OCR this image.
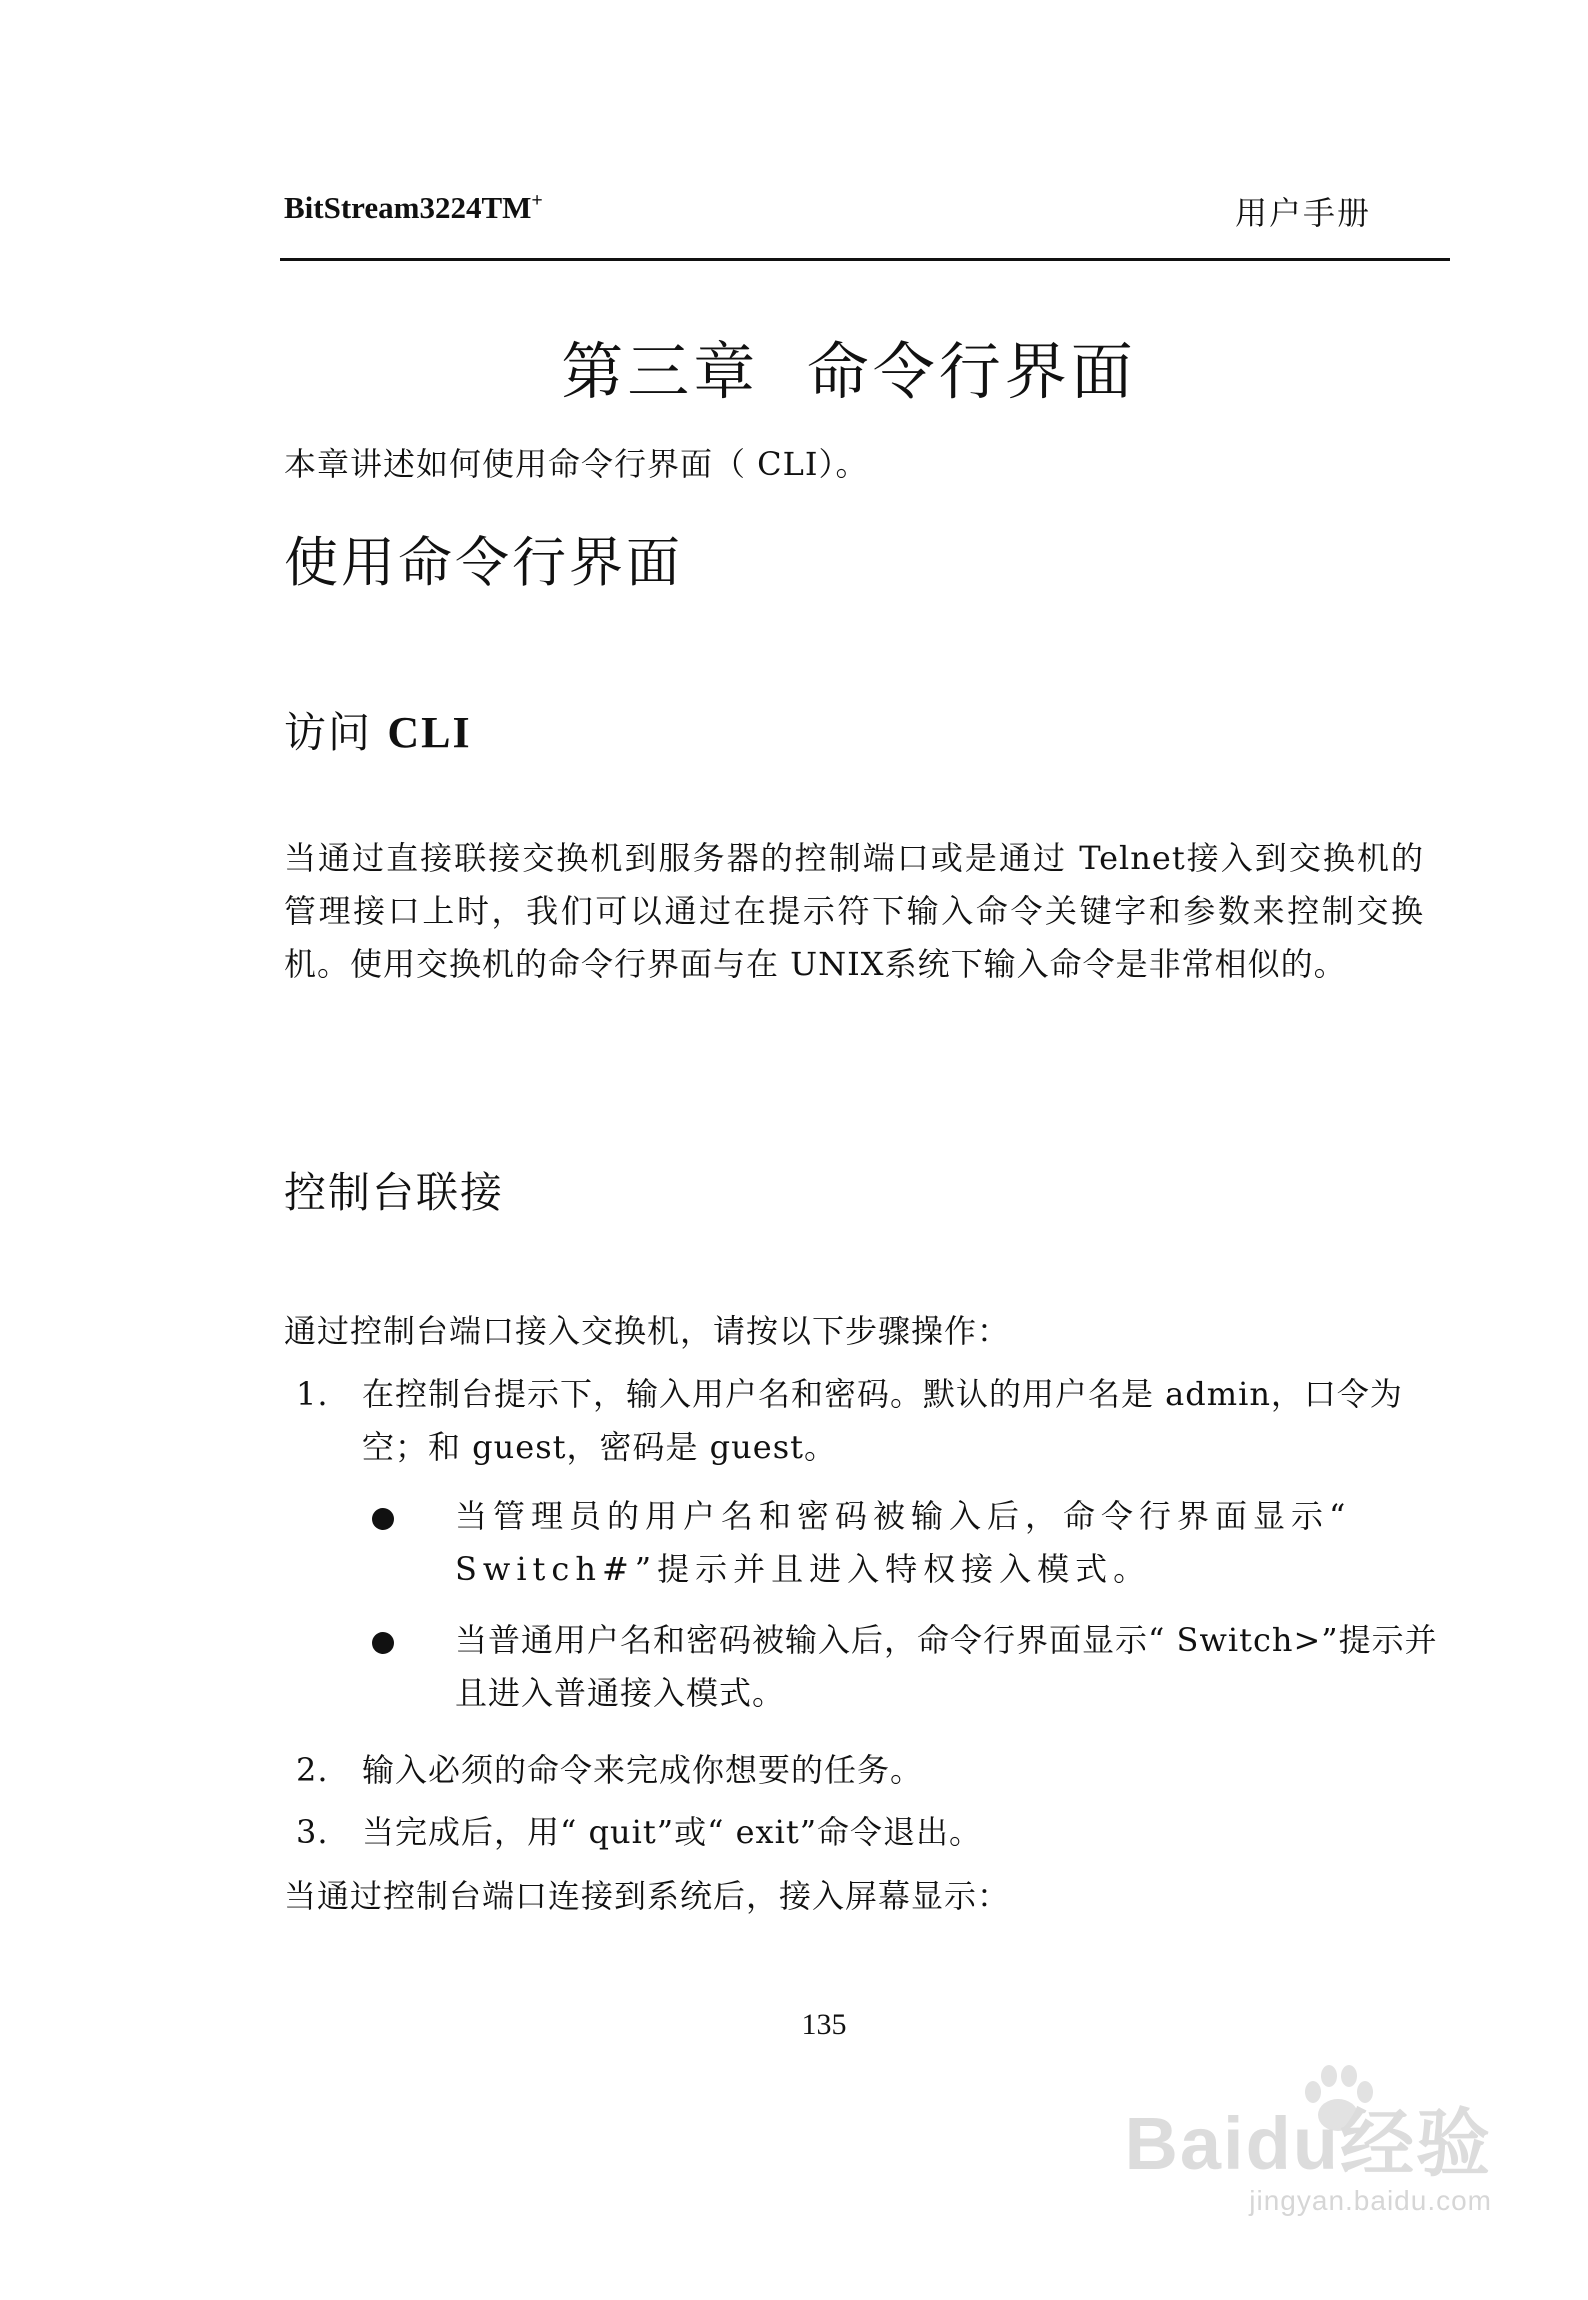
BitStream3224TM+	用户手册
第三章  命令行界面
本章讲述如何使用命令行界面（ CLI）。
使用命令行界面
访问 CLI
当通过直接联接交换机到服务器的控制端口或是通过 Telnet接入到交换机的管理接口上时，我们可以通过在提示符下输入命令关键字和参数来控制交换机。使用交换机的命令行界面与在 UNIX系统下输入命令是非常相似的。
控制台联接
通过控制台端口接入交换机，请按以下步骤操作：
1. 在控制台提示下，输入用户名和密码。默认的用户名是 admin，口令为空；和 guest，密码是 guest。
当管理员的用户名和密码被输入后，命令行界面显示“ Switch#”提示并且进入特权接入模式。
当普通用户名和密码被输入后，命令行界面显示“ Switch>”提示并且进入普通接入模式。
2. 输入必须的命令来完成你想要的任务。
3. 当完成后，用“ quit”或“ exit”命令退出。
当通过控制台端口连接到系统后，接入屏幕显示：
135
Baidu经验
jingyan.baidu.com
